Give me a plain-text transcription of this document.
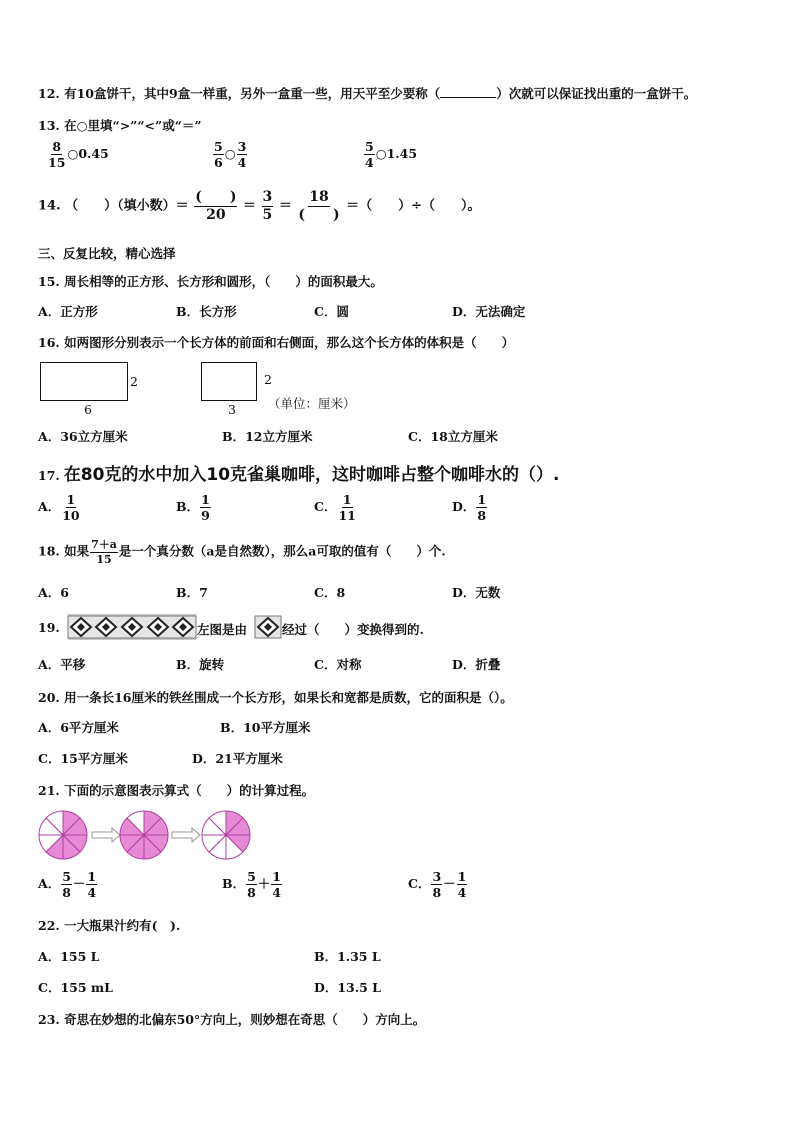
12. 有10盒饼干，其中9盒一样重，另外一盒重一些，用天平至少要称（	）次就可以保证找出重的一盒饼干。
13. 在○里填“>”“<”或“＝”
$\frac{8}{15}$ ○0.45	$\frac{5}{6}$ ○ $\frac{3}{4}$	$\frac{5}{4}$ ○1.45
14. （　　）（填小数）＝ $\frac{( )}{20} = \frac{3}{5} = \frac{18}{( )}$ ＝（　　）÷（　　）。
三、反复比较，精心选择
15. 周长相等的正方形、长方形和圆形，（　　）的面积最大。
A．正方形	B．长方形	C．圆	D．无法确定
16. 如两图形分别表示一个长方体的前面和右侧面，那么这个长方体的体积是（　　）
2
6
2
3	（单位：厘米）
A．36立方厘米	B．12立方厘米	C．18立方厘米
17. 在80克的水中加入10克雀巢咖啡，这时咖啡占整个咖啡水的（）.
A． $\frac{1}{10}$	B． $\frac{1}{9}$	C． $\frac{1}{11}$	D． $\frac{1}{8}$
18. 如果 $\frac{7+a}{15}$ 是一个真分数（a是自然数），那么a可取的值有（　　）个.
A．6	B．7	C．8	D．无数
19.	左图是由	经过（　　）变换得到的.
A．平移	B．旋转	C．对称	D．折叠
20. 用一条长16厘米的铁丝围成一个长方形，如果长和宽都是质数，它的面积是（）。
A．6平方厘米	B．10平方厘米
C．15平方厘米	D．21平方厘米
21. 下面的示意图表示算式（　　）的计算过程。
A． $\frac{5}{8} - \frac{1}{4}$	B． $\frac{5}{8} + \frac{1}{4}$	C． $\frac{3}{8} - \frac{1}{4}$
22. 一大瓶果汁约有(　).
A．155 L	B．1.35 L
C．155 mL	D．13.5 L
23. 奇思在妙想的北偏东50°方向上，则妙想在奇思（　　）方向上。
